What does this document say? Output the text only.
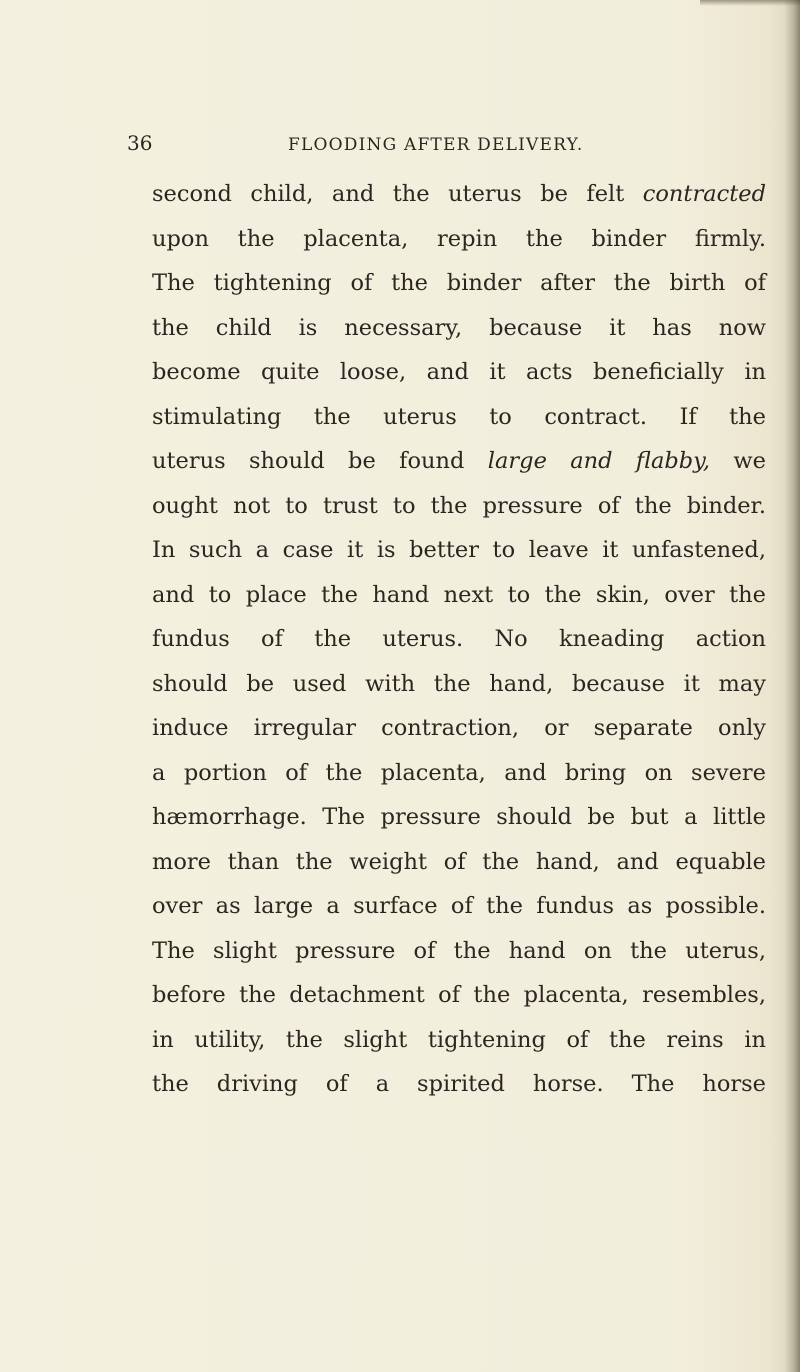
36	FLOODING AFTER DELIVERY.
second child, and the uterus be felt contracted
upon the placenta, repin the binder firmly.
The tightening of the binder after the birth of
the child is necessary, because it has now
become quite loose, and it acts beneficially in
stimulating the uterus to contract. If the
uterus should be found large and flabby, we
ought not to trust to the pressure of the binder.
In such a case it is better to leave it unfastened,
and to place the hand next to the skin, over the
fundus of the uterus. No kneading action
should be used with the hand, because it may
induce irregular contraction, or separate only
a portion of the placenta, and bring on severe
hæmorrhage. The pressure should be but a little
more than the weight of the hand, and equable
over as large a surface of the fundus as possible.
The slight pressure of the hand on the uterus,
before the detachment of the placenta, resembles,
in utility, the slight tightening of the reins in
the driving of a spirited horse. The horse
